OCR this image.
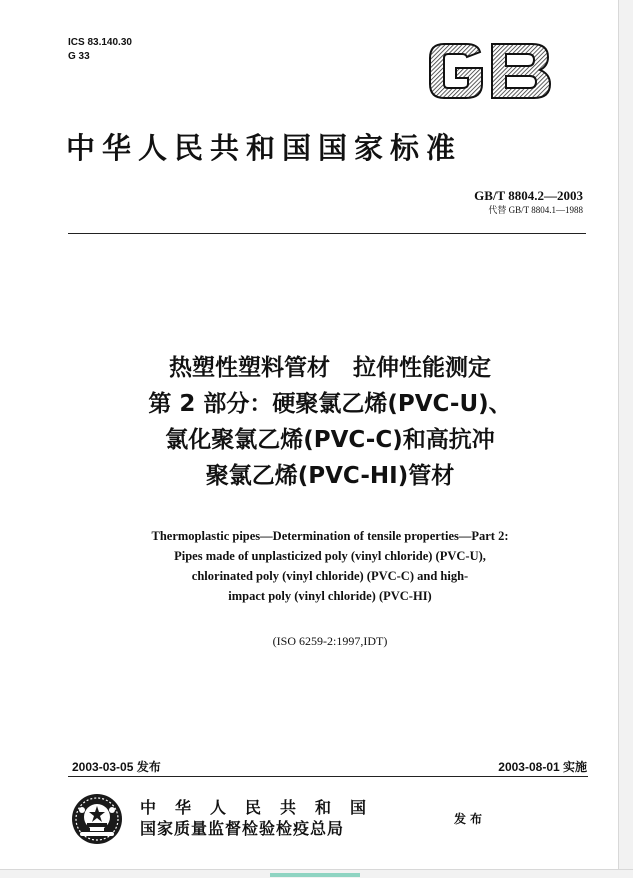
ICS 83.140.30
G 33
中华人民共和国国家标准
GB/T 8804.2—2003
代替 GB/T 8804.1—1988
热塑性塑料管材　拉伸性能测定
第 2 部分：硬聚氯乙烯(PVC-U)、
氯化聚氯乙烯(PVC-C)和高抗冲
聚氯乙烯(PVC-HI)管材
Thermoplastic pipes—Determination of tensile properties—Part 2:
Pipes made of unplasticized poly (vinyl chloride) (PVC-U),
chlorinated poly (vinyl chloride) (PVC-C) and high-
impact poly (vinyl chloride) (PVC-HI)
(ISO 6259-2:1997,IDT)
2003-03-05 发布	2003-08-01 实施
中华人民共和国
国家质量监督检验检疫总局	发布
